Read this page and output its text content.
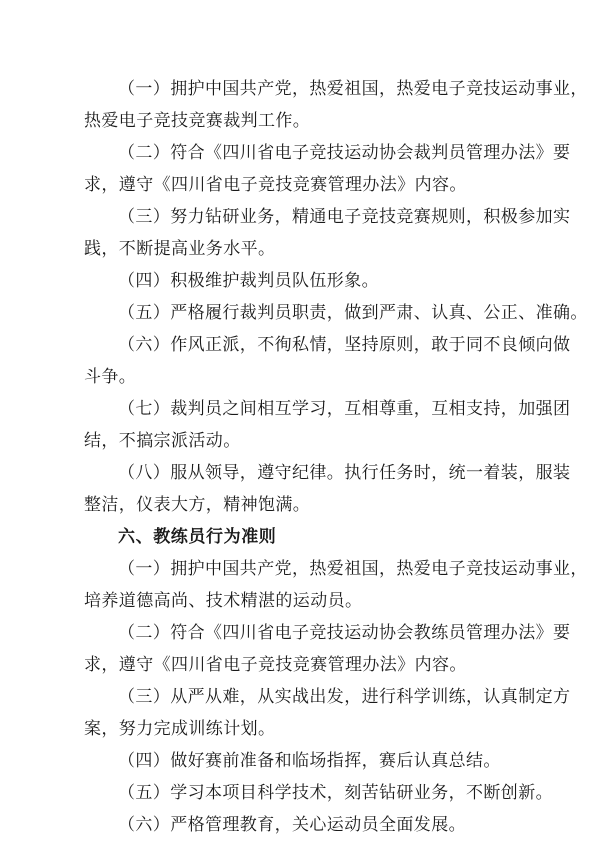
（一）拥护中国共产党，热爱祖国，热爱电子竞技运动事业，
热爱电子竞技竞赛裁判工作。
（二）符合《四川省电子竞技运动协会裁判员管理办法》要
求，遵守《四川省电子竞技竞赛管理办法》内容。
（三）努力钻研业务，精通电子竞技竞赛规则，积极参加实
践，不断提高业务水平。
（四）积极维护裁判员队伍形象。
（五）严格履行裁判员职责，做到严肃、认真、公正、准确。
（六）作风正派，不徇私情，坚持原则，敢于同不良倾向做
斗争。
（七）裁判员之间相互学习，互相尊重，互相支持，加强团
结，不搞宗派活动。
（八）服从领导，遵守纪律。执行任务时，统一着装，服装
整洁，仪表大方，精神饱满。
六、教练员行为准则
（一）拥护中国共产党，热爱祖国，热爱电子竞技运动事业，
培养道德高尚、技术精湛的运动员。
（二）符合《四川省电子竞技运动协会教练员管理办法》要
求，遵守《四川省电子竞技竞赛管理办法》内容。
（三）从严从难，从实战出发，进行科学训练，认真制定方
案，努力完成训练计划。
（四）做好赛前准备和临场指挥，赛后认真总结。
（五）学习本项目科学技术，刻苦钻研业务，不断创新。
（六）严格管理教育，关心运动员全面发展。
